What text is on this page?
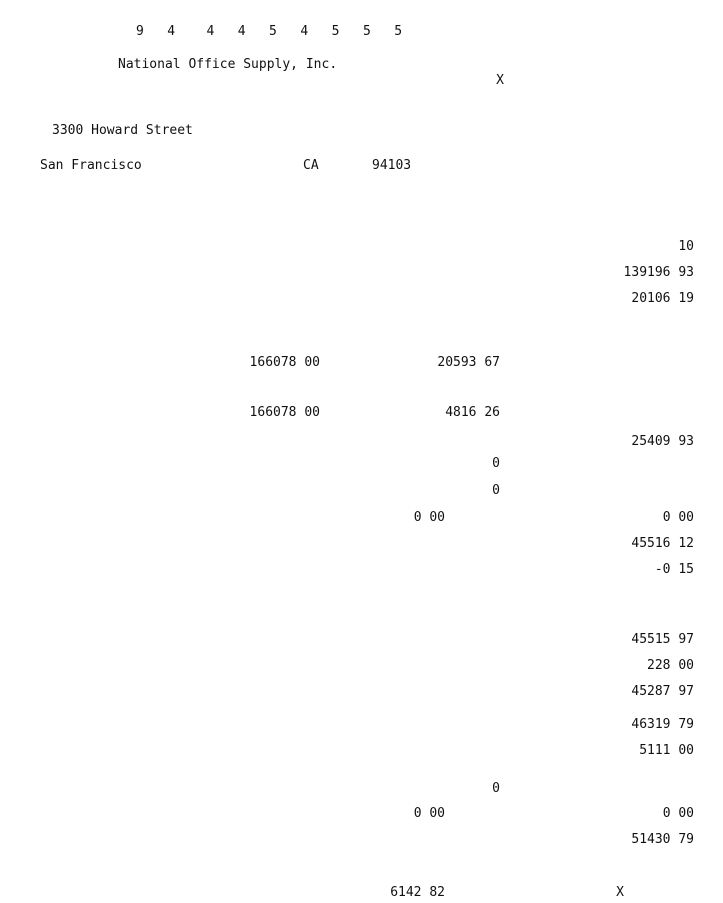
9   4    4   4   5   4   5   5   5
National Office Supply, Inc.
X
3300 Howard Street
San Francisco	CA	94103
10
139196 93
20106 19
166078 00	20593 67
166078 00	4816 26
25409 93
0
0
0 00	0 00
45516 12
-0 15
45515 97
228 00
45287 97
46319 79
5111 00
0
0 00	0 00
51430 79
6142 82	X
